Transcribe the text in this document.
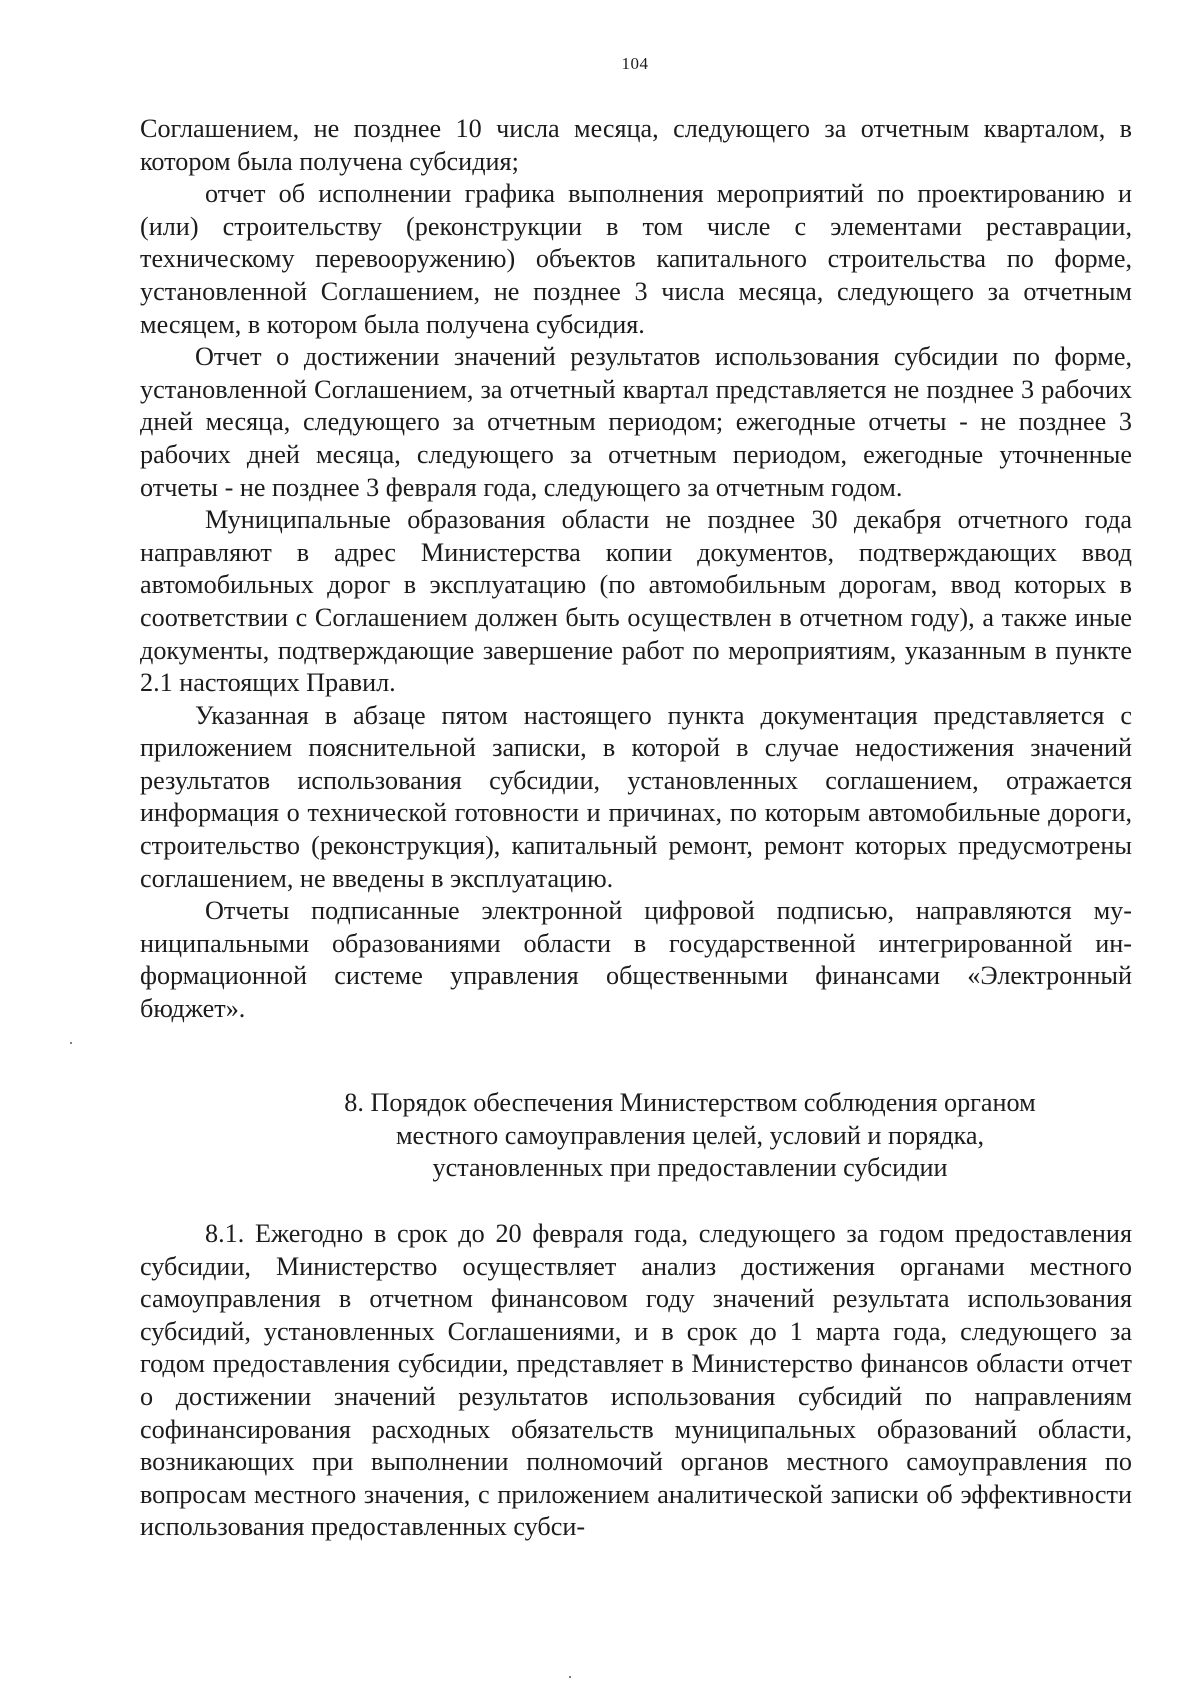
104

Соглашением, не позднее 10 числа месяца, следующего за отчетным кварталом, в котором была получена субсидия;

отчет об исполнении графика выполнения мероприятий по проектированию и (или) строительству (реконструкции в том числе с элементами реставрации, техническому перевооружению) объектов капитального строительства по форме, установленной Соглашением, не позднее 3 числа месяца, следующего за отчетным месяцем, в котором была получена субсидия.

Отчет о достижении значений результатов использования субсидии по форме, установленной Соглашением, за отчетный квартал представляется не позднее 3 рабочих дней месяца, следующего за отчетным периодом; ежегодные отчеты - не позднее 3 рабочих дней месяца, следующего за отчетным периодом, ежегодные уточненные отчеты - не позднее 3 февраля года, следующего за отчетным годом.

Муниципальные образования области не позднее 30 декабря отчетного года направляют в адрес Министерства копии документов, подтверждающих ввод автомобильных дорог в эксплуатацию (по автомобильным дорогам, ввод которых в соответствии с Соглашением должен быть осуществлен в отчетном году), а также иные документы, подтверждающие завершение работ по мероприятиям, указанным в пункте 2.1 настоящих Правил.

Указанная в абзаце пятом настоящего пункта документация представляется с приложением пояснительной записки, в которой в случае недостижения значений результатов использования субсидии, установленных соглашением, отражается информация о технической готовности и причинах, по которым автомобильные дороги, строительство (реконструкция), капитальный ремонт, ремонт которых предусмотрены соглашением, не введены в эксплуатацию.

Отчеты подписанные электронной цифровой подписью, направляются муниципальными образованиями области в государственной интегрированной информационной системе управления общественными финансами «Электронный бюджет».

8. Порядок обеспечения Министерством соблюдения органом
местного самоуправления целей, условий и порядка,
установленных при предоставлении субсидии

8.1. Ежегодно в срок до 20 февраля года, следующего за годом предоставления субсидии, Министерство осуществляет анализ достижения органами местного самоуправления в отчетном финансовом году значений результата использования субсидий, установленных Соглашениями, и в срок до 1 марта года, следующего за годом предоставления субсидии, представляет в Министерство финансов области отчет о достижении значений результатов использования субсидий по направлениям софинансирования расходных обязательств муниципальных образований области, возникающих при выполнении полномочий органов местного самоуправления по вопросам местного значения, с приложением аналитической записки об эффективности использования предоставленных субси-
